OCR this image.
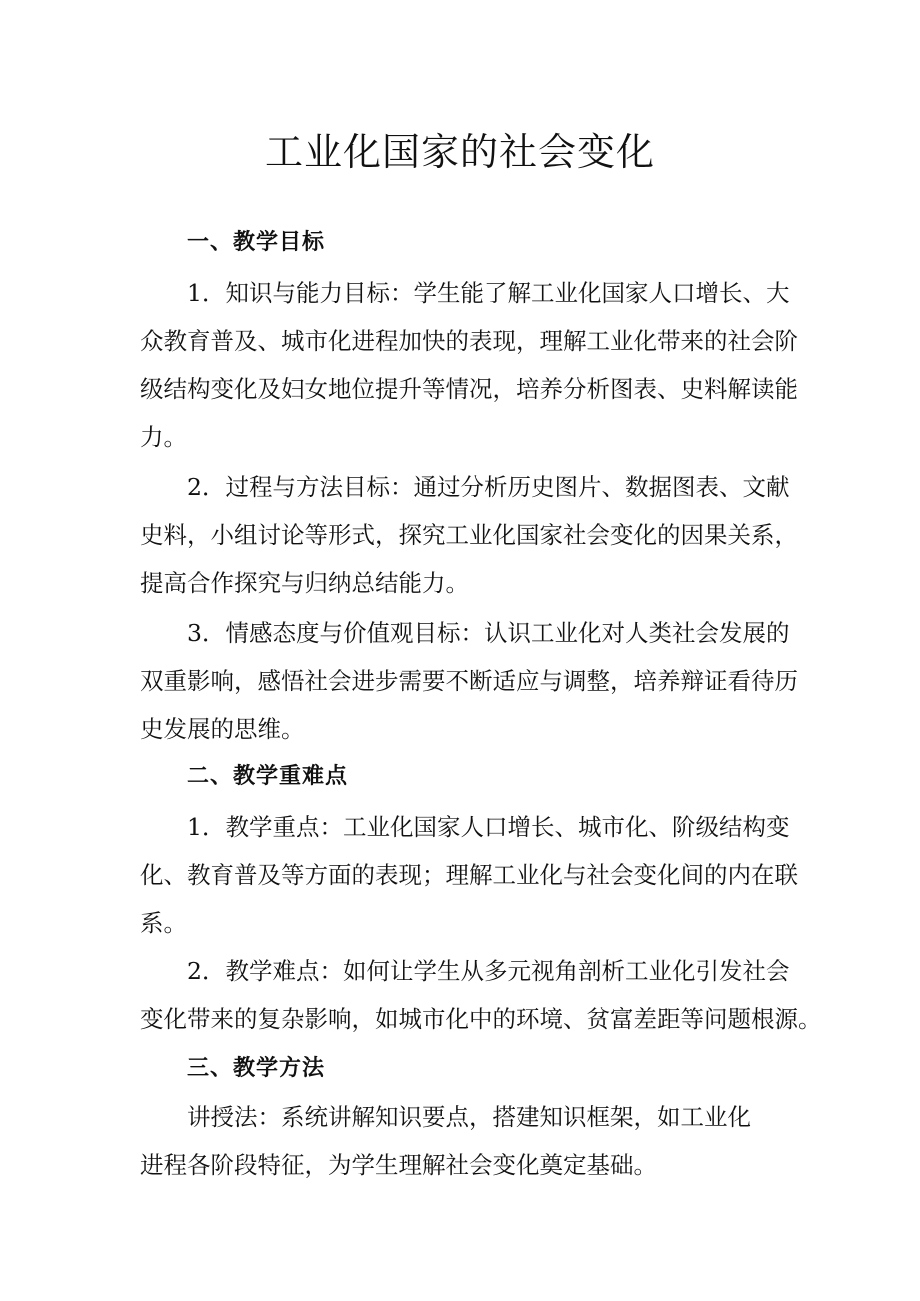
工业化国家的社会变化
一、教学目标
1．知识与能力目标：学生能了解工业化国家人口增长、大
众教育普及、城市化进程加快的表现，理解工业化带来的社会阶
级结构变化及妇女地位提升等情况，培养分析图表、史料解读能
力。
2．过程与方法目标：通过分析历史图片、数据图表、文献
史料，小组讨论等形式，探究工业化国家社会变化的因果关系，
提高合作探究与归纳总结能力。
3．情感态度与价值观目标：认识工业化对人类社会发展的
双重影响，感悟社会进步需要不断适应与调整，培养辩证看待历
史发展的思维。
二、教学重难点
1．教学重点：工业化国家人口增长、城市化、阶级结构变
化、教育普及等方面的表现；理解工业化与社会变化间的内在联
系。
2．教学难点：如何让学生从多元视角剖析工业化引发社会
变化带来的复杂影响，如城市化中的环境、贫富差距等问题根源。
三、教学方法
讲授法：系统讲解知识要点，搭建知识框架，如工业化
进程各阶段特征，为学生理解社会变化奠定基础。
